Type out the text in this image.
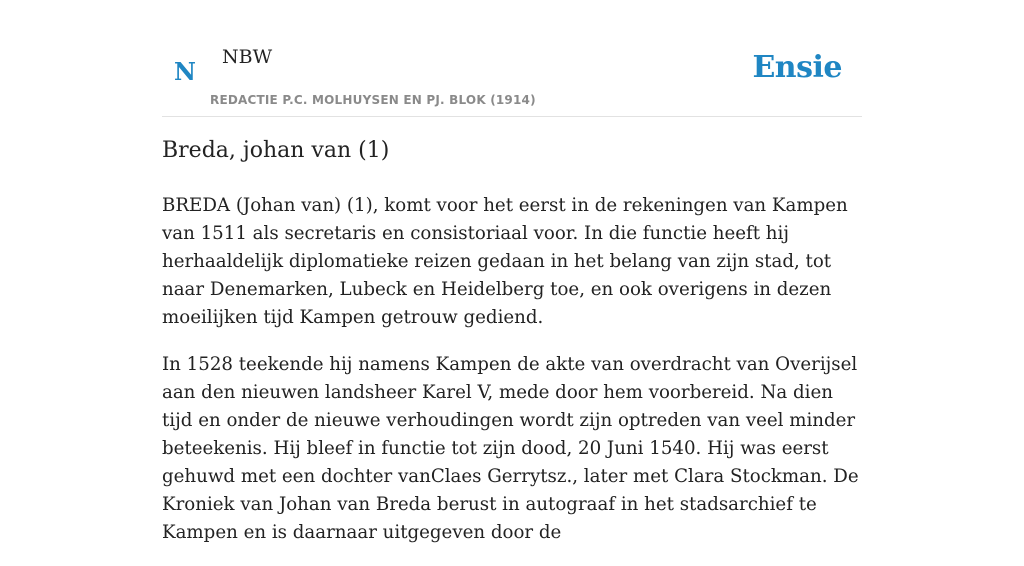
N	NBW
REDACTIE P.C. MOLHUYSEN EN PJ. BLOK (1914)
Ensie
Breda, johan van (1)

BREDA (Johan van) (1), komt voor het eerst in de rekeningen van Kampen van 1511 als secretaris en consistoriaal voor. In die functie heeft hij herhaaldelijk diplomatieke reizen gedaan in het belang van zijn stad, tot naar Denemarken, Lubeck en Heidelberg toe, en ook overigens in dezen moeilijken tijd Kampen getrouw gediend.

In 1528 teekende hij namens Kampen de akte van overdracht van Overijsel aan den nieuwen landsheer Karel V, mede door hem voorbereid. Na dien tijd en onder de nieuwe verhoudingen wordt zijn optreden van veel minder beteekenis. Hij bleef in functie tot zijn dood, 20 Juni 1540. Hij was eerst gehuwd met een dochter vanClaes Gerrytsz., later met Clara Stockman. De Kroniek van Johan van Breda berust in autograaf in het stadsarchief te Kampen en is daarnaar uitgegeven door de
